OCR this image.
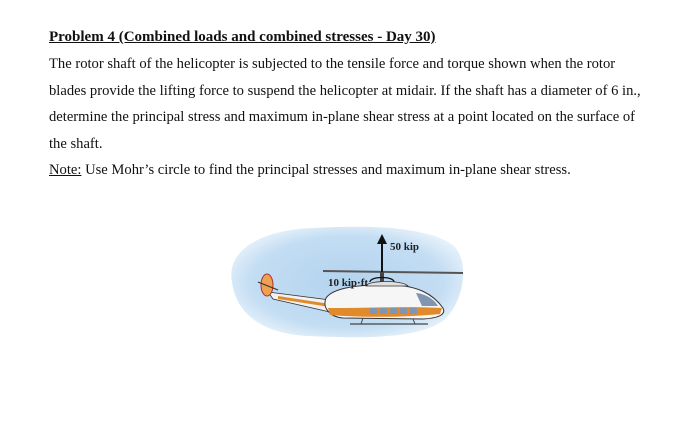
Problem 4 (Combined loads and combined stresses - Day 30)

The rotor shaft of the helicopter is subjected to the tensile force and torque shown when the rotor blades provide the lifting force to suspend the helicopter at midair. If the shaft has a diameter of 6 in., determine the principal stress and maximum in-plane shear stress at a point located on the surface of the shaft.

Note: Use Mohr’s circle to find the principal stresses and maximum in-plane shear stress.

50 kip
10 kip·ft
